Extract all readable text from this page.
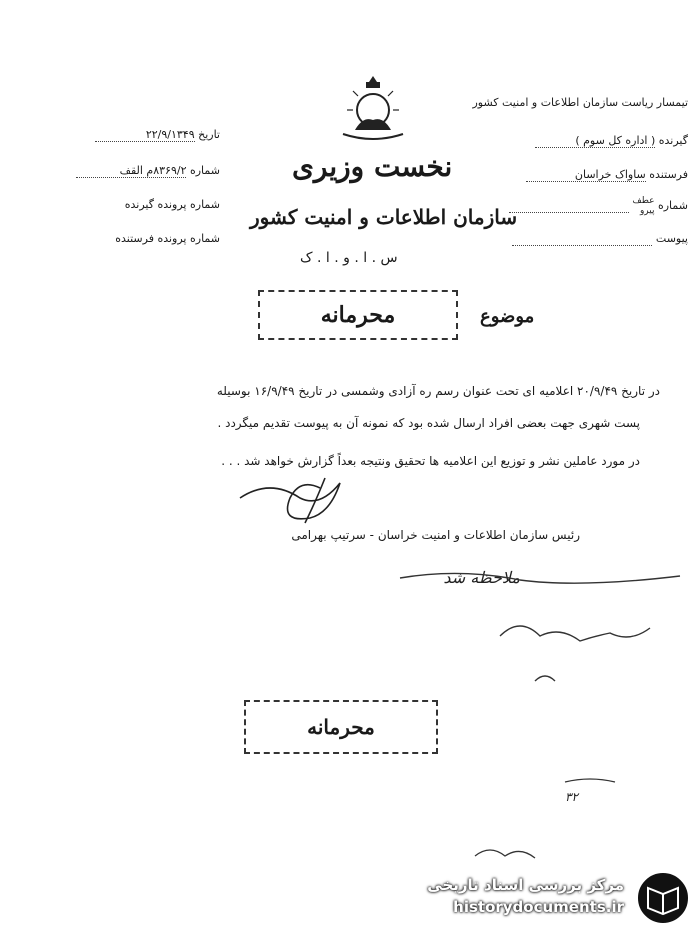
تیمسار ریاست سازمان اطلاعات و امنیت کشور
نخست وزیری
سازمان اطلاعات و امنیت کشور
س . ا . و . ا . ک
تاریخ ۲۲/۹/۱۳۴۹
شماره ۸۳۶۹/۲م القف
شماره پرونده گیرنده
شماره پرونده فرستنده
گیرنده ( اداره کل سوم )
فرستنده ساواک خراسان
شماره عطف
پیرو
پیوست
موضوع
محرمانه
در تاریخ ۲۰/۹/۴۹ اعلامیه ای تحت عنوان رسم ره آزادی وشمسی در تاریخ ۱۶/۹/۴۹ بوسیله
پست شهری جهت بعضی افراد ارسال شده بود که نمونه آن به پیوست تقدیم میگردد .
در مورد عاملین نشر و توزیع این اعلامیه ها تحقیق ونتیجه بعداً گزارش خواهد شد . . .
رئیس سازمان اطلاعات و امنیت خراسان - سرتیپ بهرامی
ملاحظه شد
محرمانه
۳۲
مرکز بررسی اسناد تاریخی
historydocuments.ir
